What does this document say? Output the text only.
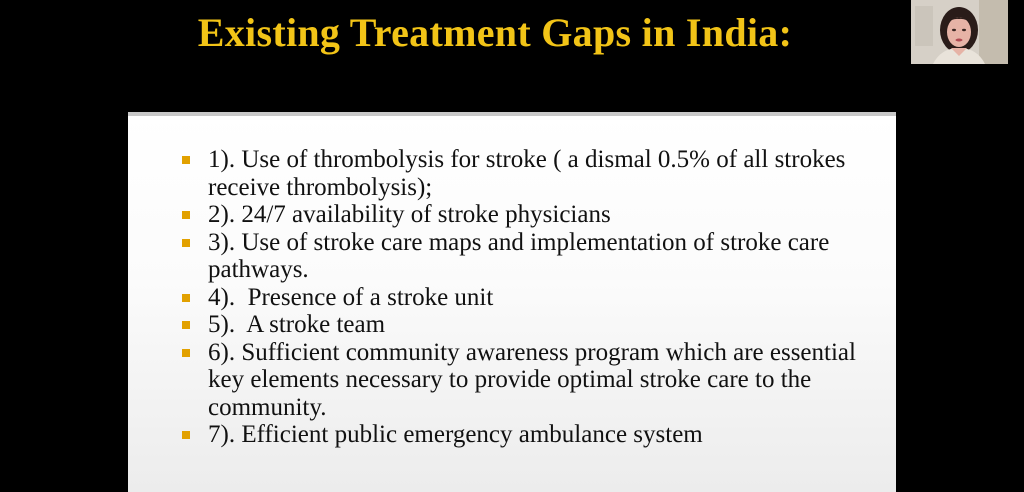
Existing Treatment Gaps in India:
1). Use of thrombolysis for stroke ( a dismal 0.5% of all strokes receive thrombolysis);
2). 24/7 availability of stroke physicians
3). Use of stroke care maps and implementation of stroke care pathways.
4).  Presence of a stroke unit
5).  A stroke team
6). Sufficient community awareness program which are essential key elements necessary to provide optimal stroke care to the community.
7). Efficient public emergency ambulance system
